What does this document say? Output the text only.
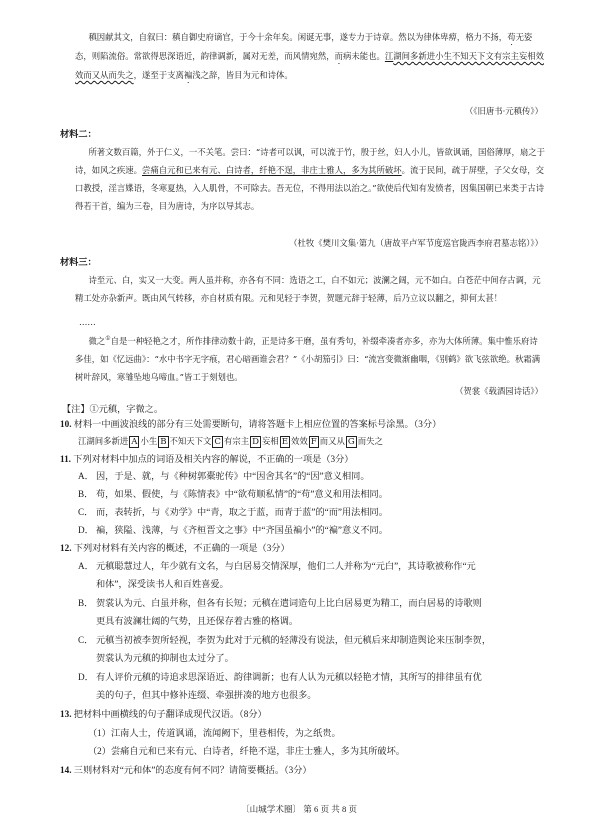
稹因献其文，自叙曰：稹自御史府谪官，于今十余年矣。闲诞无事，遂专力于诗章。然以为律体卑痹，格力不扬，苟无姿态，则陷流俗。常欲得思深语近，韵律调新，属对无差，而风情宛然，而病未能也。江湖间多新进小生不知天下文有宗主妄相效效而又从而失之，遂至于支离褊浅之辞，皆目为元和诗体。
（《旧唐书·元稹传》）
材料二：
所著文数百篇，外于仁义，一不关笔。尝曰：“诗者可以讽，可以流于竹，殷于丝，妇人小儿，皆欲讽诵，国俗薄厚，扇之于诗，如风之疾速。尝痛自元和已来有元、白诗者，纤艳不逞，非庄士雅人，多为其所破坏。流于民间，疏于屏壁，子父女母，交口教授，淫言媟语，冬寒夏热，入人肌骨，不可除去。吾无位，不得用法以治之。”欲使后代知有发愤者，因集国朝已来类于古诗得若干首，编为三卷，目为唐诗，为序以导其志。
（杜牧《樊川文集·第九（唐故平卢军节度巡官陇西李府君墓志铭）》）
材料三：
诗至元、白，实又一大变。两人虽并称，亦各有不同：选语之工，白不如元；波澜之阔，元不如白。白苍茫中间存古调，元精工处亦杂新声。既由风气转移，亦自材质有限。元和见轻于李贺，贺题元辞于轻薄，后乃立议以翻之，抑何太甚！
……
微之①自是一种轻艳之才，所作排律动数十韵，正是诗多干磨，虽有秀句，补缀牵凑者亦多，亦为大体所薄。集中惟乐府诗多佳，如《忆远曲》：“水中书字无字痕，君心暗画谁会君？”《小胡笳引》曰：“流宫变微渐幽咽，《别鹤》欲飞弦欲绝。秋霜满树叶辞风，寒雏坠地乌啼血。”皆工于刻划也。
（贺裳《载酒园诗话》）
【注】①元稹，字微之。
10. 材料一中画波浪线的部分有三处需要断句，请将答题卡上相应位置的答案标号涂黑。（3分）
江湖间多新进 A 小生 B 不知天下文 C 有宗主 D 妄相 E 效效 F 而又从 G 而失之
11. 下列对材料中加点的词语及相关内容的解说，不正确的一项是（3分）
A． 因，于是、就，与《种树郭橐驼传》中“因舍其名”的“因”意义相同。
B． 苟，如果、假使，与《陈情表》中“欲苟顺私情”的“苟”意义和用法相同。
C． 而，表转折，与《劝学》中“青，取之于蓝，而青于蓝”的“而”用法相同。
D． 褊，狭隘、浅薄，与《齐桓晋文之事》中“齐国虽褊小”的“褊”意义不同。
12. 下列对材料有关内容的概述，不正确的一项是（3分）
A． 元稹聪慧过人，年少就有文名，与白居易交情深厚，他们二人并称为“元白”，其诗歌被称作“元
和体”，深受读书人和百姓喜爱。
B． 贺裳认为元、白虽并称，但各有长短；元稹在遣词造句上比白居易更为精工，而白居易的诗歌则
更具有波澜壮阔的气势，且还保存着古雅的格调。
C． 元稹当初被李贺所轻视，李贺为此对于元稹的轻薄没有说法，但元稹后来却制造舆论来压制李贺，
贺裳认为元稹的抑制也太过分了。
D． 有人评价元稹的诗追求思深语近、韵律调新；也有人认为元稹以轻艳才情，其所写的排律虽有优
美的句子，但其中修补连缀、牵强拼凑的地方也很多。
13. 把材料中画横线的句子翻译成现代汉语。（8分）
（1）江南人士，传道讽诵，流闻阙下，里巷相传，为之纸贵。
（2）尝痛自元和已来有元、白诗者，纤艳不逞，非庄士雅人，多为其所破坏。
14. 三则材料对“元和体”的态度有何不同？请简要概括。（3分）
〔山城学术圈〕 第 6 页 共 8 页
